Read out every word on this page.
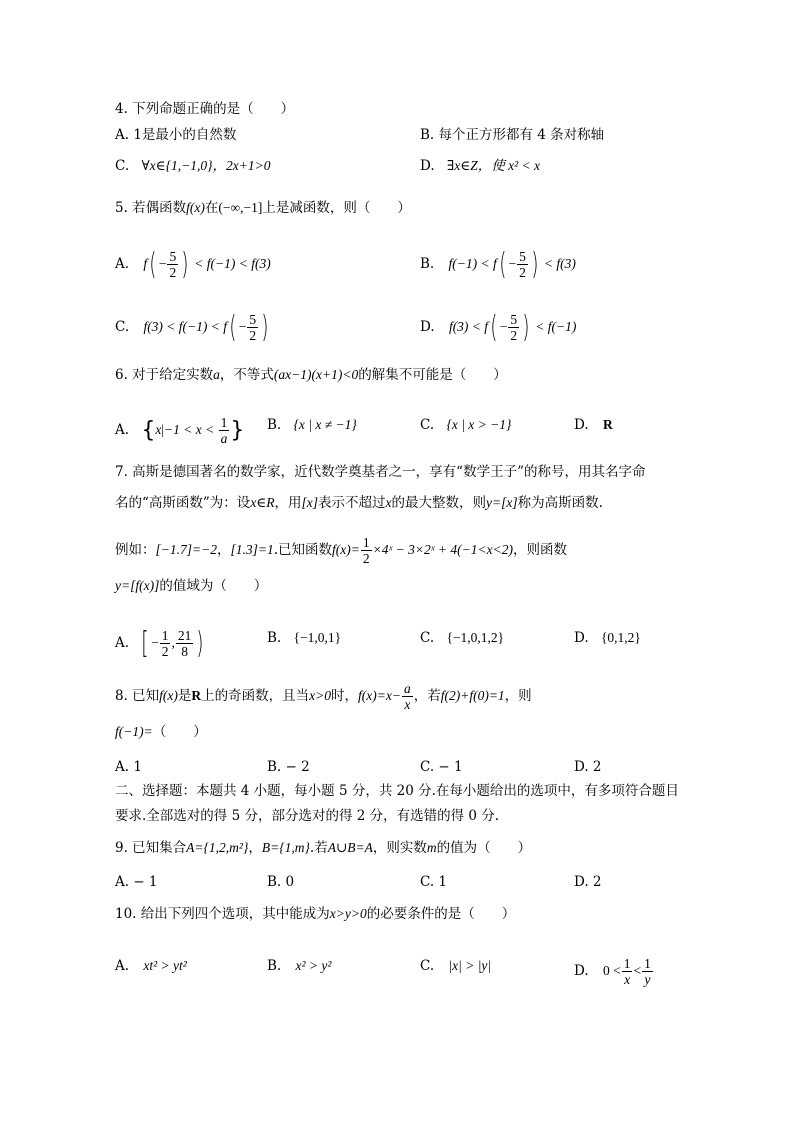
4. 下列命题正确的是（　　）
A. 1是最小的自然数	B. 每个正方形都有 4 条对称轴
C. ∀x∈{1,−1,0}，2x+1>0	D. ∃x∈Z，使 x² < x
5. 若偶函数f(x)在(−∞,−1]上是减函数，则（　　）
A. $f( - \frac{5}{2}$ ) < f(−1) < f(3)	B. $f(-1) < f( - \frac{5}{2}$ ) < f(3)
C. $f(3) < f(-1) < f( - \frac{5}{2}$ )	D. $f(3) < f( - \frac{5}{2}$ ) < f(−1)
6. 对于给定实数a，不等式(ax−1)(x+1)<0的解集不可能是（　　）
A. {$x|-1 < x < \frac{1}{a}$ } B. {x | x ≠ −1}	C. {x | x > −1}	D. R
7. 高斯是德国著名的数学家，近代数学奠基者之一，享有“数学王子”的称号，用其名字命
名的“高斯函数”为：设x∈R，用[x]表示不超过x的最大整数，则y=[x]称为高斯函数.
例如：[−1.7]=−2，[1.3]=1.已知函数$f(x)= \frac{1}{2}$ ×4ˣ − 3×2ˣ + 4(−1<x<2)，则函数
y=[f(x)]的值域为（　　）
A. [ − $\frac{1}{2}$ , $\frac{21}{8}$ )	B. {−1,0,1}	C. {−1,0,1,2}	D. {0,1,2}
8. 已知f(x)是R上的奇函数，且当x>0时，$f(x)=x- \frac{a}{x}$ ，若f(2)+f(0)=1，则
f(−1)=（　　）
A. 1	B. − 2	C. − 1	D. 2
二、选择题：本题共 4 小题，每小题 5 分，共 20 分.在每小题给出的选项中，有多项符合题目
要求.全部选对的得 5 分，部分选对的得 2 分，有选错的得 0 分.
9. 已知集合A={1,2,m²}，B={1,m}.若A∪B=A，则实数m的值为（　　）
A. − 1	B. 0	C. 1	D. 2
10. 给出下列四个选项，其中能成为x>y>0的必要条件的是（　　）
A. xt² > yt²	B. x² > y²	C. |x| > |y|	D. $0 < \frac{1}{x} < \frac{1}{y}$
